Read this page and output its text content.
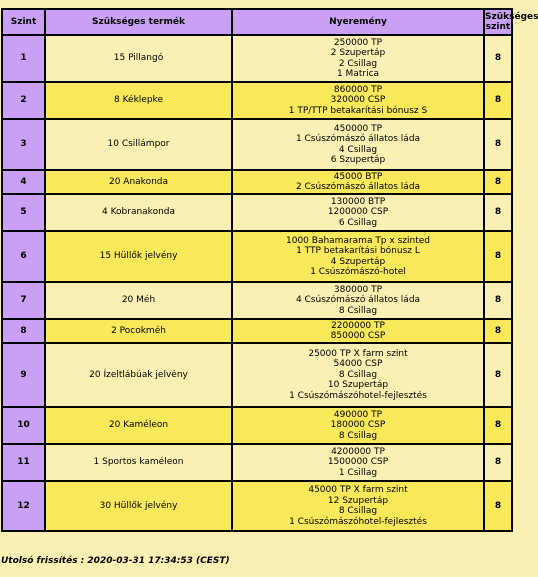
Szint	Szükséges termék	Nyeremény	Szükséges
szint

1	15 Pillangó	250000 TP
2 Szupertáp
2 Csillag
1 Matrica	8
2	8 Kéklepke	860000 TP
320000 CSP
1 TP/TTP betakarítási bónusz S	8
3	10 Csillámpor	450000 TP
1 Csúszómászó állatos láda
4 Csillag
6 Szupertáp	8
4	20 Anakonda	45000 BTP
2 Csúszómászó állatos láda	8
5	4 Kobranakonda	130000 BTP
1200000 CSP
6 Csillag	8
6	15 Hüllők jelvény	1000 Bahamarama Tp x szinted
1 TTP betakarítási bónusz L
4 Szupertáp
1 Csúszómászó-hotel	8
7	20 Méh	380000 TP
4 Csúszómászó állatos láda
8 Csillag	8
8	2 Pocokméh	2200000 TP
850000 CSP	8
9	20 Ízeltlábúak jelvény	25000 TP X farm szint
54000 CSP
8 Csillag
10 Szupertáp
1 Csúszómászóhotel-fejlesztés	8
10	20 Kaméleon	490000 TP
180000 CSP
8 Csillag	8
11	1 Sportos kaméleon	4200000 TP
1500000 CSP
1 Csillag	8
12	30 Hüllők jelvény	45000 TP X farm szint
12 Szupertáp
8 Csillag
1 Csúszómászóhotel-fejlesztés	8
Utolsó frissítés : 2020-03-31 17:34:53 (CEST)
